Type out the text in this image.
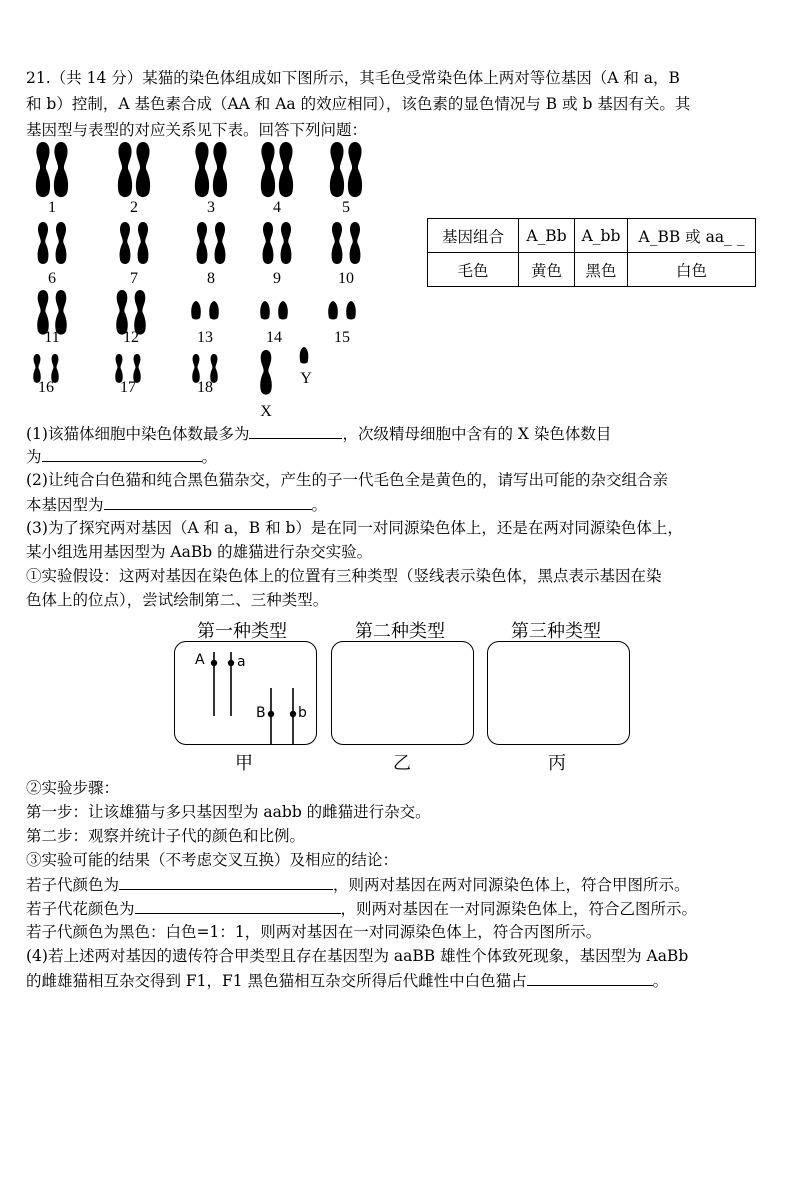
21.（共 14 分）某猫的染色体组成如下图所示，其毛色受常染色体上两对等位基因（A 和 a，B
和 b）控制，A 基色素合成（AA 和 Aa 的效应相同），该色素的显色情况与 B 或 b 基因有关。其
基因型与表型的对应关系见下表。回答下列问题：
1	2	3	4	5
6	7	8	9	10
11	12	13	14	15
16	17	18
X
Y
基因组合	A_Bb	A_bb	A_BB 或 aa_ _
毛色	黄色	黑色	白色
(1)该猫体细胞中染色体数最多为	，次级精母细胞中含有的 X 染色体数目
为	。
(2)让纯合白色猫和纯合黑色猫杂交，产生的子一代毛色全是黄色的，请写出可能的杂交组合亲
本基因型为	。
(3)为了探究两对基因（A 和 a，B 和 b）是在同一对同源染色体上，还是在两对同源染色体上，
某小组选用基因型为 AaBb 的雄猫进行杂交实验。
①实验假设：这两对基因在染色体上的位置有三种类型（竖线表示染色体，黑点表示基因在染
色体上的位点），尝试绘制第二、三种类型。
第一种类型	第二种类型	第三种类型
A a
B b
甲	乙	丙
②实验步骤：
第一步：让该雄猫与多只基因型为 aabb 的雌猫进行杂交。
第二步：观察并统计子代的颜色和比例。
③实验可能的结果（不考虑交叉互换）及相应的结论：
若子代颜色为	，则两对基因在两对同源染色体上，符合甲图所示。
若子代花颜色为	，则两对基因在一对同源染色体上，符合乙图所示。
若子代颜色为黑色：白色=1：1，则两对基因在一对同源染色体上，符合丙图所示。
(4)若上述两对基因的遗传符合甲类型且存在基因型为 aaBB 雄性个体致死现象，基因型为 AaBb
的雌雄猫相互杂交得到 F1，F1 黑色猫相互杂交所得后代雌性中白色猫占	。
